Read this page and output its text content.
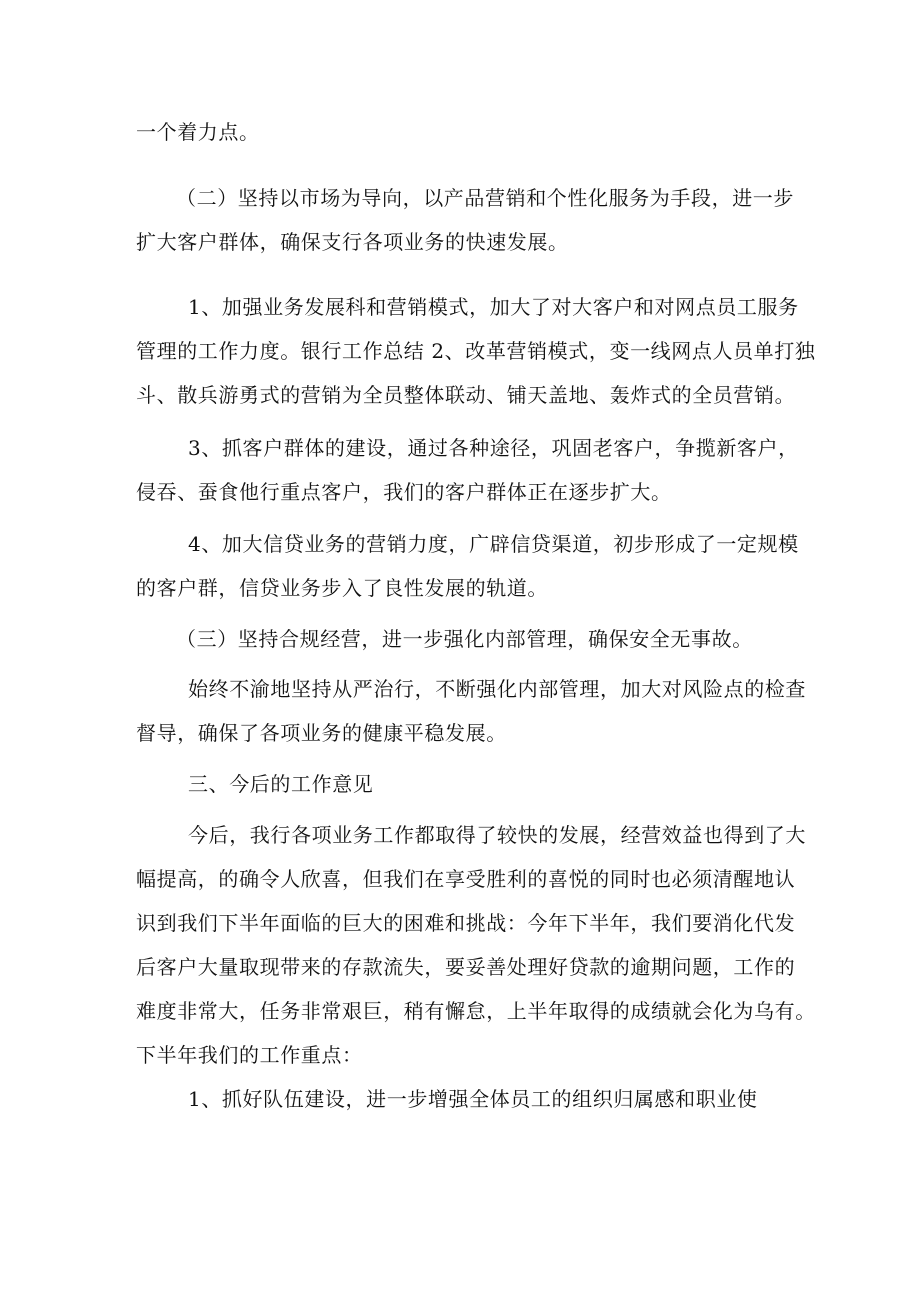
一个着力点。
（二）坚持以市场为导向，以产品营销和个性化服务为手段，进一步
扩大客户群体，确保支行各项业务的快速发展。
1、加强业务发展科和营销模式，加大了对大客户和对网点员工服务
管理的工作力度。银行工作总结 2、改革营销模式，变一线网点人员单打独
斗、散兵游勇式的营销为全员整体联动、铺天盖地、轰炸式的全员营销。
3、抓客户群体的建设，通过各种途径，巩固老客户，争揽新客户，
侵吞、蚕食他行重点客户，我们的客户群体正在逐步扩大。
4、加大信贷业务的营销力度，广辟信贷渠道，初步形成了一定规模
的客户群，信贷业务步入了良性发展的轨道。
（三）坚持合规经营，进一步强化内部管理，确保安全无事故。
始终不渝地坚持从严治行，不断强化内部管理，加大对风险点的检查
督导，确保了各项业务的健康平稳发展。
三、今后的工作意见
今后，我行各项业务工作都取得了较快的发展，经营效益也得到了大
幅提高，的确令人欣喜，但我们在享受胜利的喜悦的同时也必须清醒地认
识到我们下半年面临的巨大的困难和挑战：今年下半年，我们要消化代发
后客户大量取现带来的存款流失，要妥善处理好贷款的逾期问题，工作的
难度非常大，任务非常艰巨，稍有懈怠，上半年取得的成绩就会化为乌有。
下半年我们的工作重点：
1、抓好队伍建设，进一步增强全体员工的组织归属感和职业使
